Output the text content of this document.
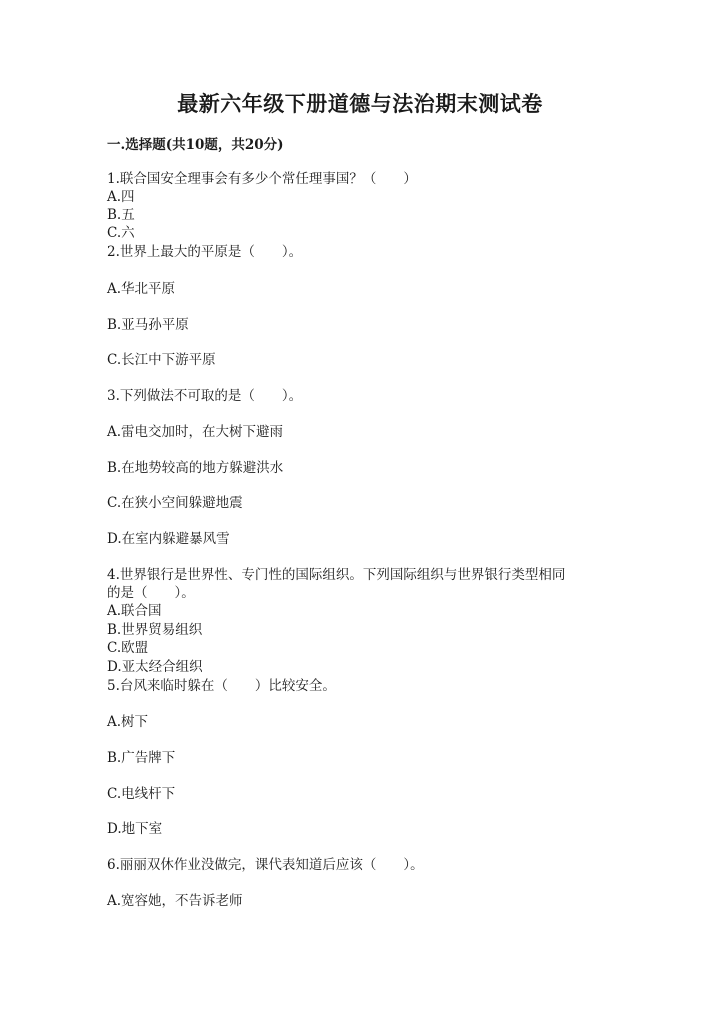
最新六年级下册道德与法治期末测试卷

一.选择题(共10题，共20分)

1.联合国安全理事会有多少个常任理事国？（　　）

A.四

B.五

C.六

2.世界上最大的平原是（　　）。

A.华北平原

B.亚马孙平原

C.长江中下游平原

3.下列做法不可取的是（　　）。

A.雷电交加时，在大树下避雨

B.在地势较高的地方躲避洪水

C.在狭小空间躲避地震

D.在室内躲避暴风雪

4.世界银行是世界性、专门性的国际组织。下列国际组织与世界银行类型相同

的是（　　）。

A.联合国

B.世界贸易组织

C.欧盟

D.亚太经合组织

5.台风来临时躲在（　　）比较安全。

A.树下

B.广告牌下

C.电线杆下

D.地下室

6.丽丽双休作业没做完，课代表知道后应该（　　）。

A.宽容她，不告诉老师
